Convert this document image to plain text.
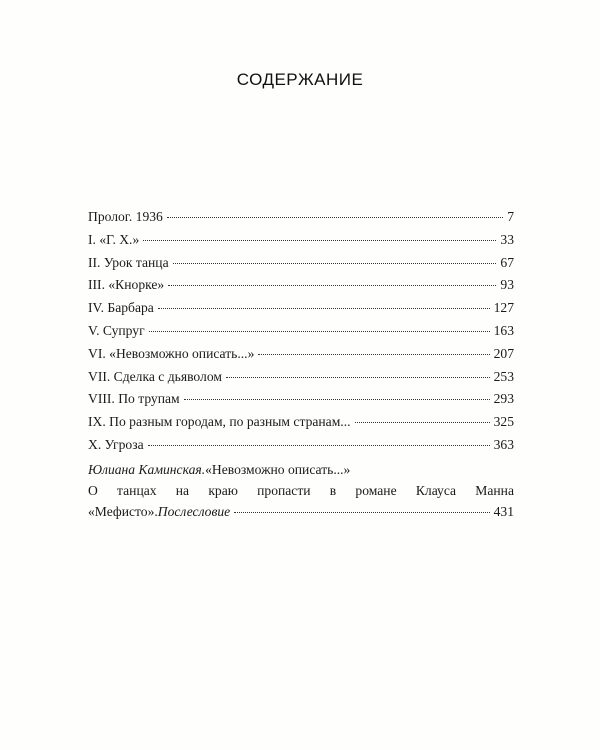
СОДЕРЖАНИЕ
Пролог. 1936	7
I. «Г. Х.»	33
II. Урок танца	67
III. «Кнорке»	93
IV. Барбара	127
V. Супруг	163
VI. «Невозможно описать...»	207
VII. Сделка с дьяволом	253
VIII. По трупам	293
IX. По разным городам, по разным странам...	325
X. Угроза	363
Юлиана Каминская. «Невозможно описать...»
О танцах на краю пропасти в романе Клауса Манна
«Мефисто». Послесловие	431
